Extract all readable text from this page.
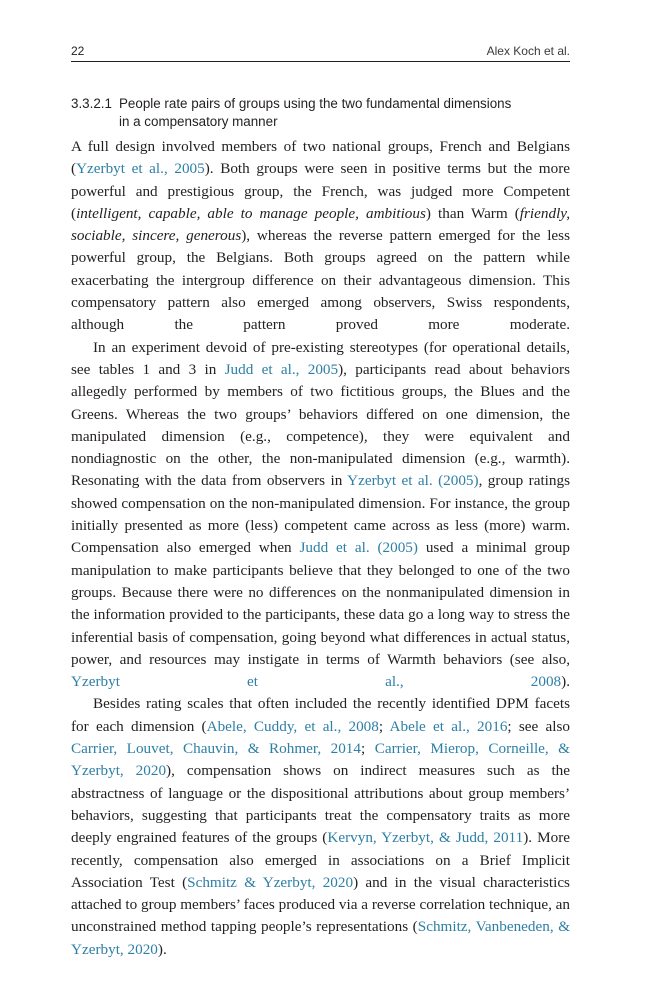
22	Alex Koch et al.
3.3.2.1 People rate pairs of groups using the two fundamental dimensions
in a compensatory manner

A full design involved members of two national groups, French and Belgians (Yzerbyt et al., 2005). Both groups were seen in positive terms but the more powerful and prestigious group, the French, was judged more Competent (intelligent, capable, able to manage people, ambitious) than Warm (friendly, sociable, sincere, generous), whereas the reverse pattern emerged for the less powerful group, the Belgians. Both groups agreed on the pattern while exacerbating the intergroup difference on their advantageous dimension. This compensatory pattern also emerged among observers, Swiss respondents, although the pattern proved more moderate.

In an experiment devoid of pre-existing stereotypes (for operational details, see tables 1 and 3 in Judd et al., 2005), participants read about behaviors allegedly performed by members of two fictitious groups, the Blues and the Greens. Whereas the two groups’ behaviors differed on one dimension, the manipulated dimension (e.g., competence), they were equivalent and nondiagnostic on the other, the non-manipulated dimension (e.g., warmth). Resonating with the data from observers in Yzerbyt et al. (2005), group ratings showed compensation on the non-manipulated dimension. For instance, the group initially presented as more (less) competent came across as less (more) warm. Compensation also emerged when Judd et al. (2005) used a minimal group manipulation to make participants believe that they belonged to one of the two groups. Because there were no differences on the nonmanipulated dimension in the information provided to the participants, these data go a long way to stress the inferential basis of compensation, going beyond what differences in actual status, power, and resources may instigate in terms of Warmth behaviors (see also, Yzerbyt et al., 2008).

Besides rating scales that often included the recently identified DPM facets for each dimension (Abele, Cuddy, et al., 2008; Abele et al., 2016; see also Carrier, Louvet, Chauvin, & Rohmer, 2014; Carrier, Mierop, Corneille, & Yzerbyt, 2020), compensation shows on indirect measures such as the abstractness of language or the dispositional attributions about group members’ behaviors, suggesting that participants treat the compensatory traits as more deeply engrained features of the groups (Kervyn, Yzerbyt, & Judd, 2011). More recently, compensation also emerged in associations on a Brief Implicit Association Test (Schmitz & Yzerbyt, 2020) and in the visual characteristics attached to group members’ faces produced via a reverse correlation technique, an unconstrained method tapping people’s representations (Schmitz, Vanbeneden, & Yzerbyt, 2020).
